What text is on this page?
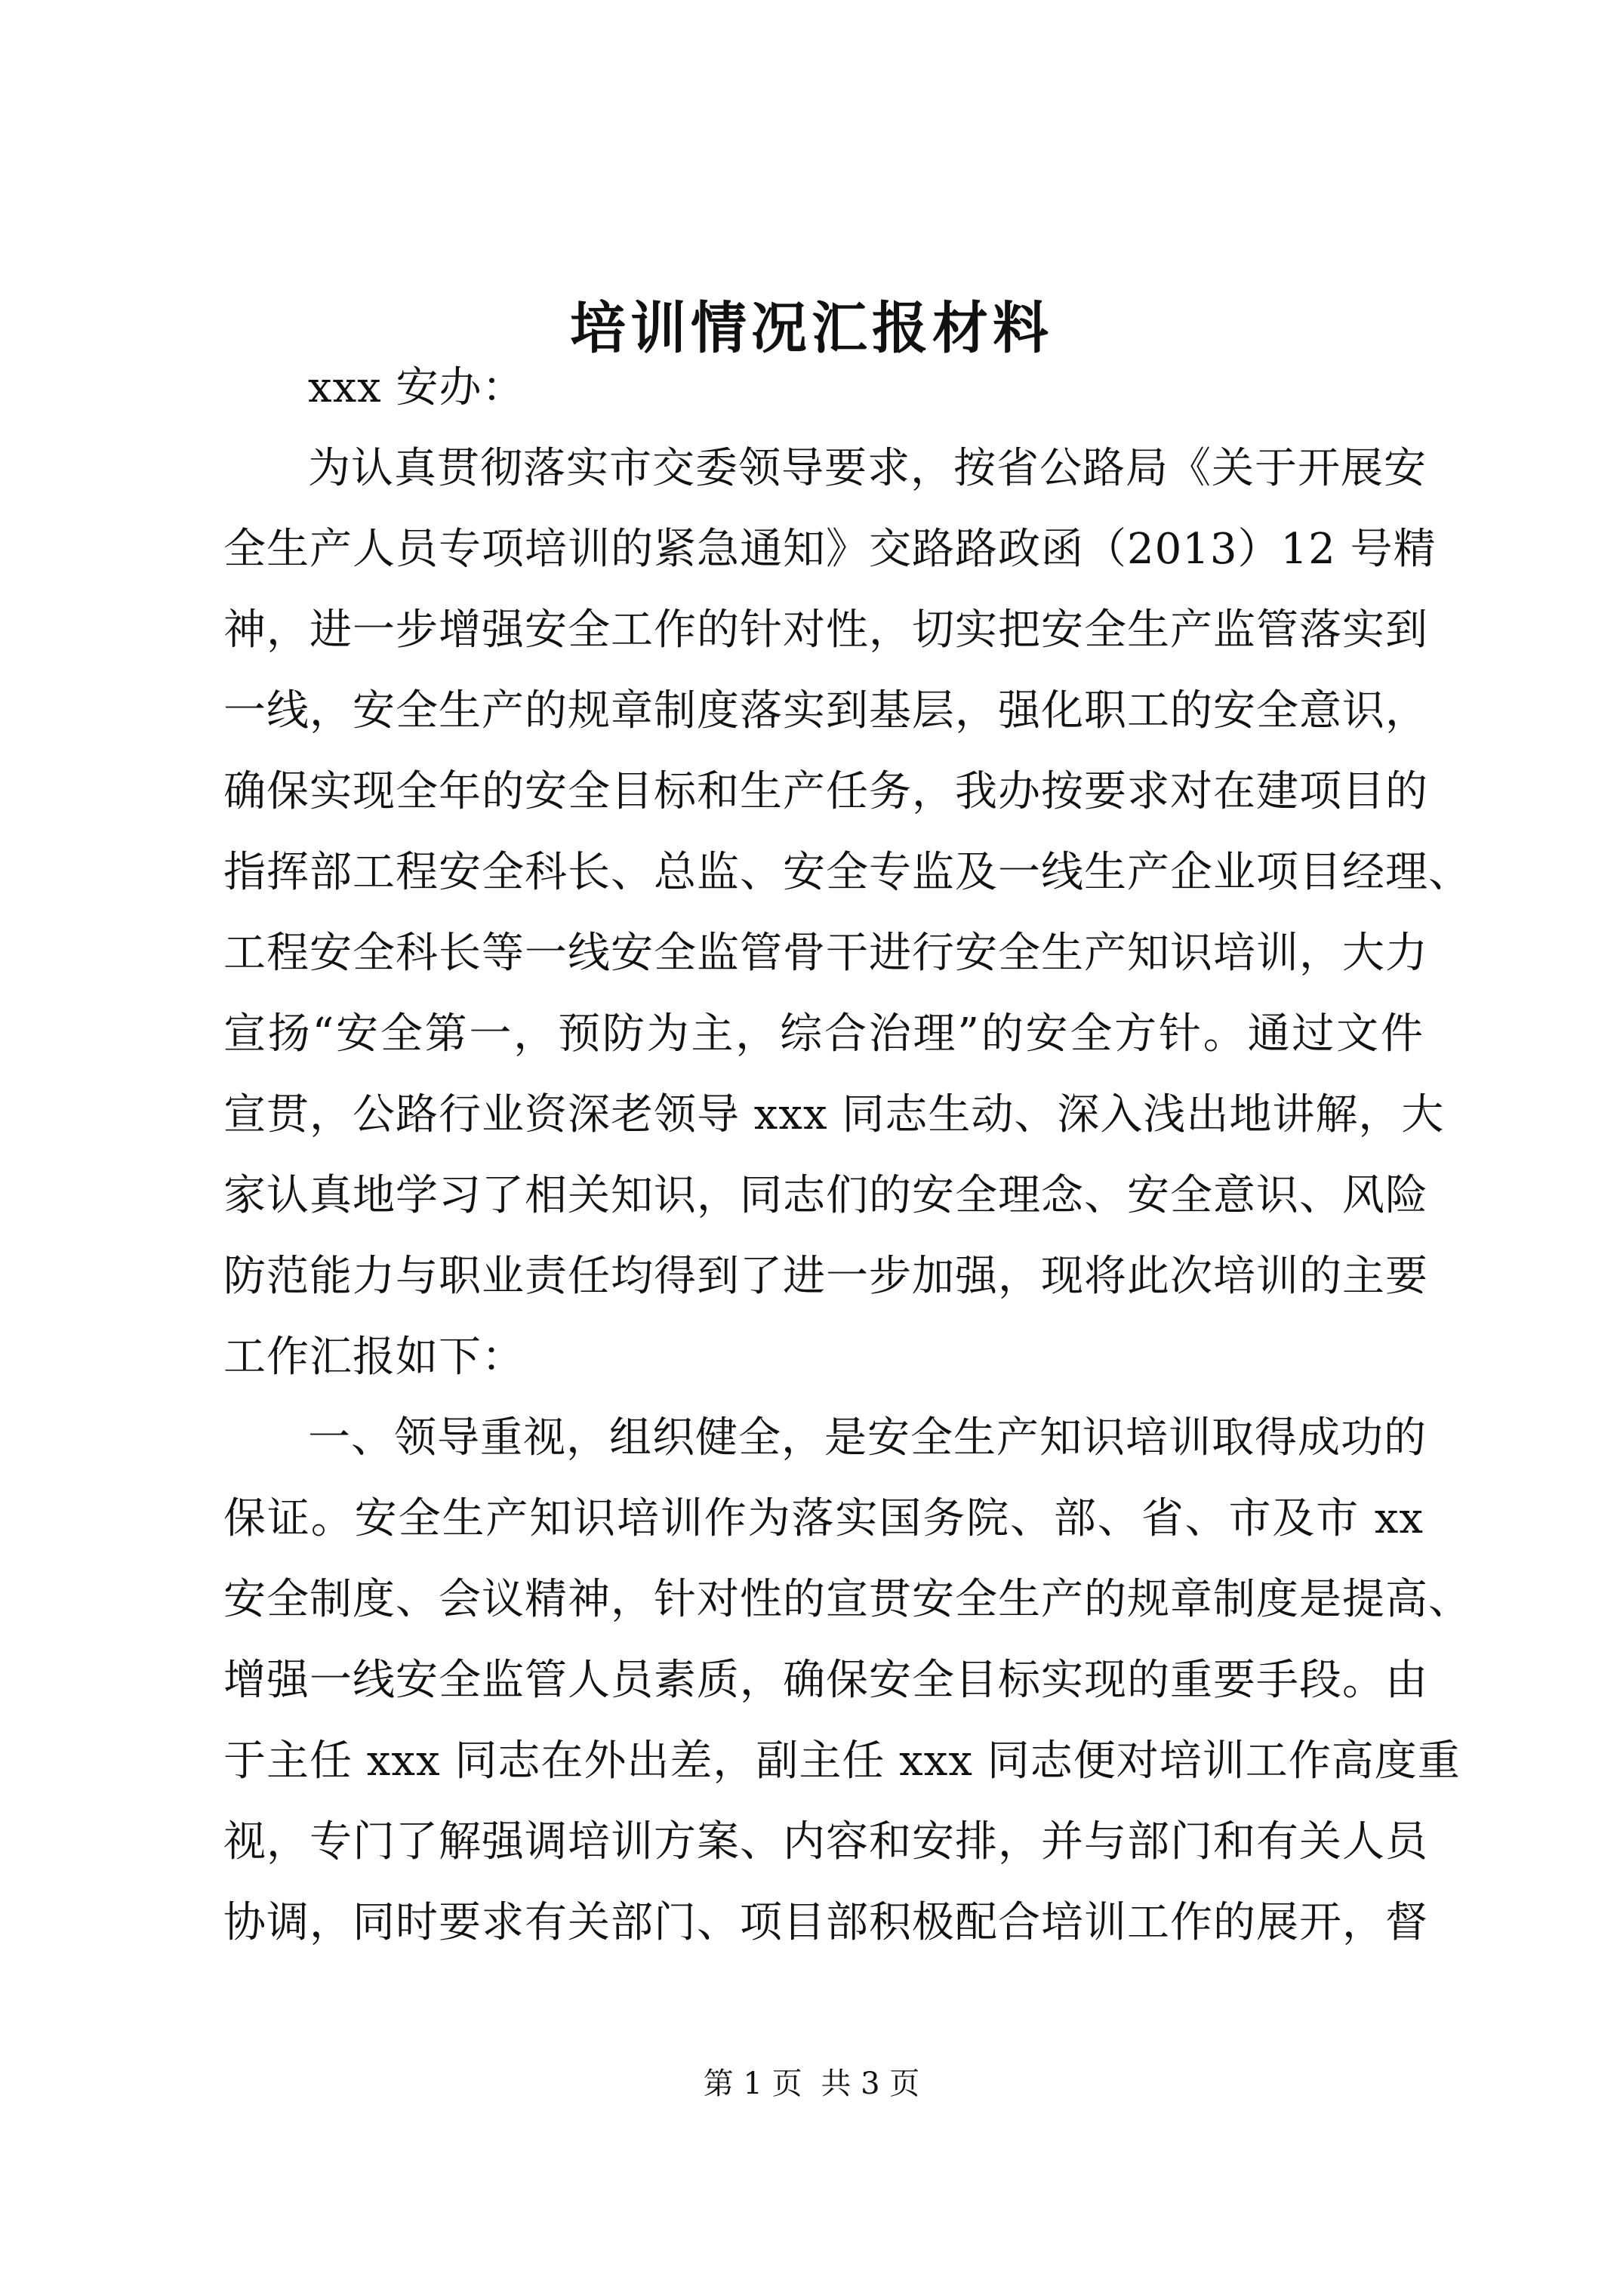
培训情况汇报材料
xxx 安办：
为认真贯彻落实市交委领导要求，按省公路局《关于开展安
全生产人员专项培训的紧急通知》交路路政函（2013）12 号精
神，进一步增强安全工作的针对性，切实把安全生产监管落实到
一线，安全生产的规章制度落实到基层，强化职工的安全意识，
确保实现全年的安全目标和生产任务，我办按要求对在建项目的
指挥部工程安全科长、总监、安全专监及一线生产企业项目经理、
工程安全科长等一线安全监管骨干进行安全生产知识培训，大力
宣扬“安全第一，预防为主，综合治理”的安全方针。通过文件
宣贯，公路行业资深老领导 xxx 同志生动、深入浅出地讲解，大
家认真地学习了相关知识，同志们的安全理念、安全意识、风险
防范能力与职业责任均得到了进一步加强，现将此次培训的主要
工作汇报如下：
一、领导重视，组织健全，是安全生产知识培训取得成功的
保证。安全生产知识培训作为落实国务院、部、省、市及市 xx
安全制度、会议精神，针对性的宣贯安全生产的规章制度是提高、
增强一线安全监管人员素质，确保安全目标实现的重要手段。由
于主任 xxx 同志在外出差，副主任 xxx 同志便对培训工作高度重
视，专门了解强调培训方案、内容和安排，并与部门和有关人员
协调，同时要求有关部门、项目部积极配合培训工作的展开，督
第 1 页 共 3 页
